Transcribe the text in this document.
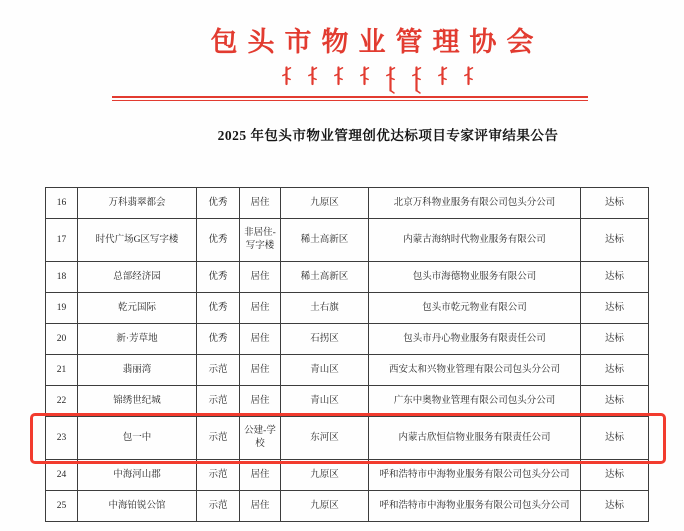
包头市物业管理协会
2025 年包头市物业管理创优达标项目专家评审结果公告
16	万科翡翠都会	优秀	居住	九原区	北京万科物业服务有限公司包头分公司	达标
17	时代广场G区写字楼	优秀	非居住-写字楼	稀土高新区	内蒙古海纳时代物业服务有限公司	达标
18	总部经济园	优秀	居住	稀土高新区	包头市海德物业服务有限公司	达标
19	乾元国际	优秀	居住	土右旗	包头市乾元物业有限公司	达标
20	新·芳草地	优秀	居住	石拐区	包头市丹心物业服务有限责任公司	达标
21	翡丽湾	示范	居住	青山区	西安太和兴物业管理有限公司包头分公司	达标
22	锦绣世纪城	示范	居住	青山区	广东中奥物业管理有限公司包头分公司	达标
23	包一中	示范	公建-学校	东河区	内蒙古欣恒信物业服务有限责任公司	达标
24	中海河山郡	示范	居住	九原区	呼和浩特市中海物业服务有限公司包头分公司	达标
25	中海铂锐公馆	示范	居住	九原区	呼和浩特市中海物业服务有限公司包头分公司	达标
